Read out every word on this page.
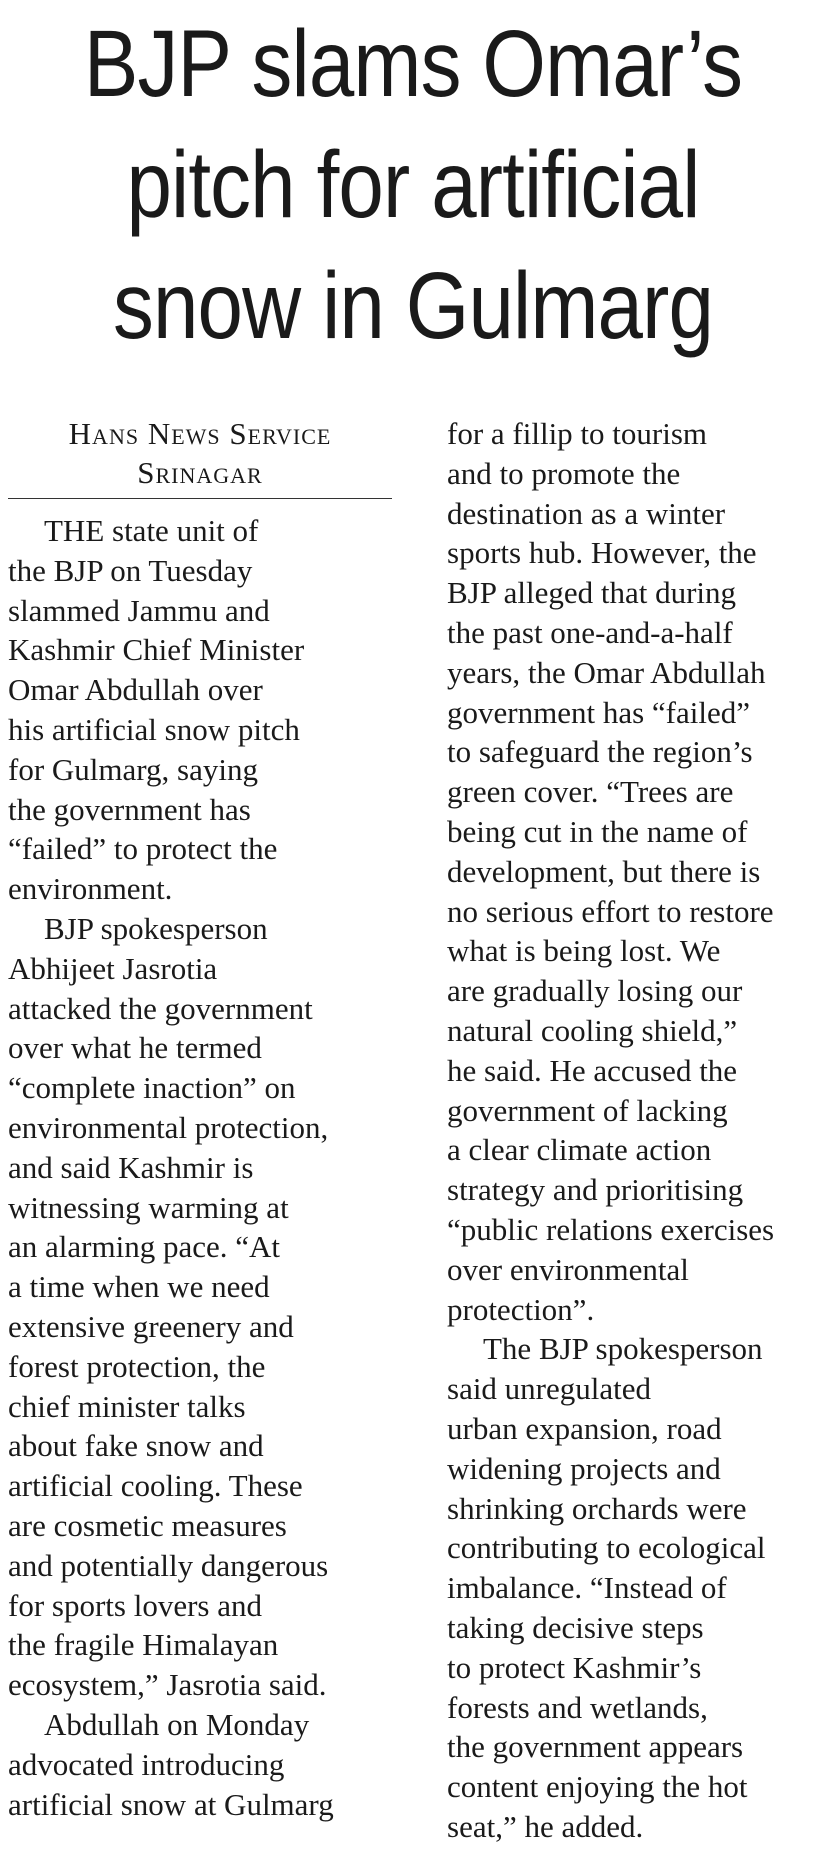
BJP slams Omar’s
pitch for artificial
snow in Gulmarg
Hans News Service
Srinagar
THE state unit of
the BJP on Tuesday
slammed Jammu and
Kashmir Chief Minister
Omar Abdullah over
his artificial snow pitch
for Gulmarg, saying
the government has
“failed” to protect the
environment.
BJP spokesperson
Abhijeet Jasrotia
attacked the government
over what he termed
“complete inaction” on
environmental protection,
and said Kashmir is
witnessing warming at
an alarming pace. “At
a time when we need
extensive greenery and
forest protection, the
chief minister talks
about fake snow and
artificial cooling. These
are cosmetic measures
and potentially dangerous
for sports lovers and
the fragile Himalayan
ecosystem,” Jasrotia said.
Abdullah on Monday
advocated introducing
artificial snow at Gulmarg
for a fillip to tourism
and to promote the
destination as a winter
sports hub. However, the
BJP alleged that during
the past one-and-a-half
years, the Omar Abdullah
government has “failed”
to safeguard the region’s
green cover. “Trees are
being cut in the name of
development, but there is
no serious effort to restore
what is being lost. We
are gradually losing our
natural cooling shield,”
he said. He accused the
government of lacking
a clear climate action
strategy and prioritising
“public relations exercises
over environmental
protection”.
The BJP spokesperson
said unregulated
urban expansion, road
widening projects and
shrinking orchards were
contributing to ecological
imbalance. “Instead of
taking decisive steps
to protect Kashmir’s
forests and wetlands,
the government appears
content enjoying the hot
seat,” he added.
